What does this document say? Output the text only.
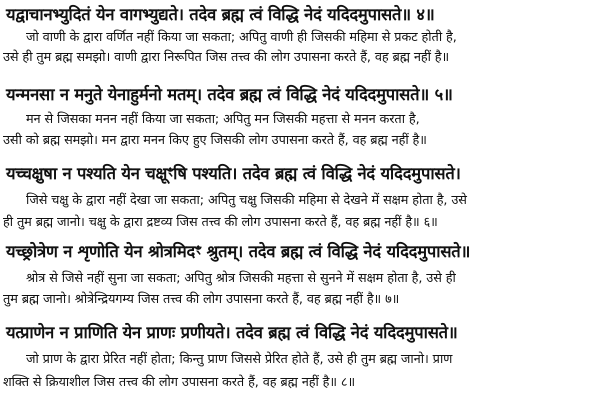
यद्वाचानभ्युदितं येन वागभ्युद्यते। तदेव ब्रह्म त्वं विद्धि नेदं यदिदमुपासते॥ ४॥
जो वाणी के द्वारा वर्णित नहीं किया जा सकता; अपितु वाणी ही जिसकी महिमा से प्रकट होती है,
उसे ही तुम ब्रह्म समझो। वाणी द्वारा निरूपित जिस तत्त्व की लोग उपासना करते हैं, वह ब्रह्म नहीं है॥
यन्मनसा न मनुते येनाहुर्मनो मतम्। तदेव ब्रह्म त्वं विद्धि नेदं यदिदमुपासते॥ ५॥
मन से जिसका मनन नहीं किया जा सकता; अपितु मन जिसकी महत्ता से मनन करता है,
उसी को ब्रह्म समझो। मन द्वारा मनन किए हुए जिसकी लोग उपासना करते हैं, वह ब्रह्म नहीं है॥
यच्चक्षुषा न पश्यति येन चक्षूꣳषि पश्यति। तदेव ब्रह्म त्वं विद्धि नेदं यदिदमुपासते।
जिसे चक्षु के द्वारा नहीं देखा जा सकता; अपितु चक्षु जिसकी महिमा से देखने में सक्षम होता है, उसे
ही तुम ब्रह्म जानो। चक्षु के द्वारा द्रष्टव्य जिस तत्त्व की लोग उपासना करते हैं, वह ब्रह्म नहीं है॥ ६॥
यच्छ्रोत्रेण न शृणोति येन श्रोत्रमिदꣳ श्रुतम्। तदेव ब्रह्म त्वं विद्धि नेदं यदिदमुपासते॥
श्रोत्र से जिसे नहीं सुना जा सकता; अपितु श्रोत्र जिसकी महत्ता से सुनने में सक्षम होता है, उसे ही
तुम ब्रह्म जानो। श्रोत्रेन्द्रियगम्य जिस तत्त्व की लोग उपासना करते हैं, वह ब्रह्म नहीं है॥ ७॥
यत्प्राणेन न प्राणिति येन प्राणः प्रणीयते। तदेव ब्रह्म त्वं विद्धि नेदं यदिदमुपासते॥
जो प्राण के द्वारा प्रेरित नहीं होता; किन्तु प्राण जिससे प्रेरित होते हैं, उसे ही तुम ब्रह्म जानो। प्राण
शक्ति से क्रियाशील जिस तत्त्व की लोग उपासना करते हैं, वह ब्रह्म नहीं है॥ ८॥
